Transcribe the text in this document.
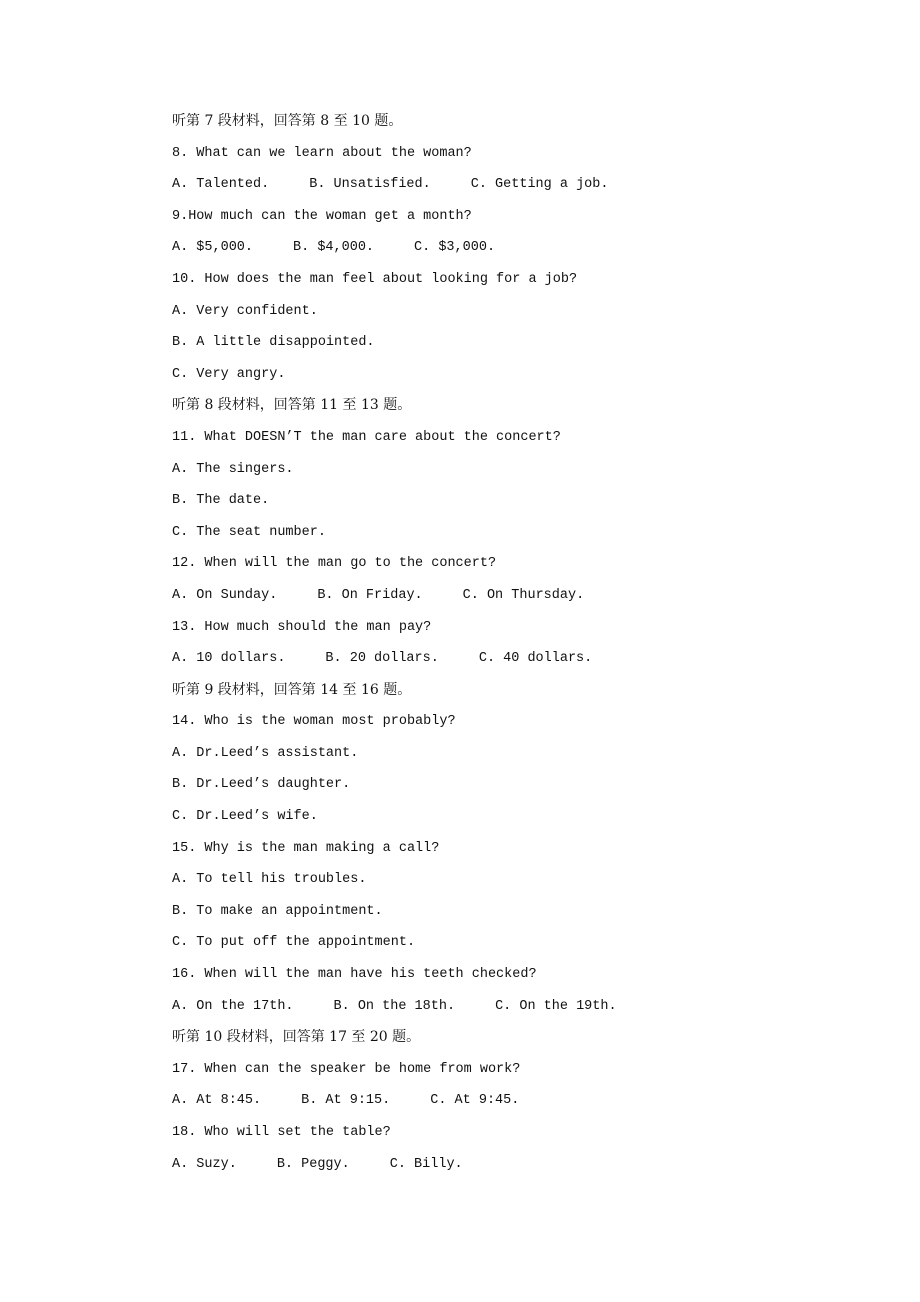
听第 7 段材料，回答第 8 至 10 题。
8. What can we learn about the woman?
A. Talented.	B. Unsatisfied.	C. Getting a job.
9.How much can the woman get a month?
A. $5,000.	B. $4,000.	C. $3,000.
10. How does the man feel about looking for a job?
A. Very confident.
B. A little disappointed.
C. Very angry.
听第 8 段材料，回答第 11 至 13 题。
11. What DOESN’T the man care about the concert?
A. The singers.
B. The date.
C. The seat number.
12. When will the man go to the concert?
A. On Sunday.	B. On Friday.	C. On Thursday.
13. How much should the man pay?
A. 10 dollars.	B. 20 dollars.	C. 40 dollars.
听第 9 段材料，回答第 14 至 16 题。
14. Who is the woman most probably?
A. Dr.Leed’s assistant.
B. Dr.Leed’s daughter.
C. Dr.Leed’s wife.
15. Why is the man making a call?
A. To tell his troubles.
B. To make an appointment.
C. To put off the appointment.
16. When will the man have his teeth checked?
A. On the 17th.	B. On the 18th.	C. On the 19th.
听第 10 段材料，回答第 17 至 20 题。
17. When can the speaker be home from work?
A. At 8:45.	B. At 9:15.	C. At 9:45.
18. Who will set the table?
A. Suzy.	B. Peggy.	C. Billy.
